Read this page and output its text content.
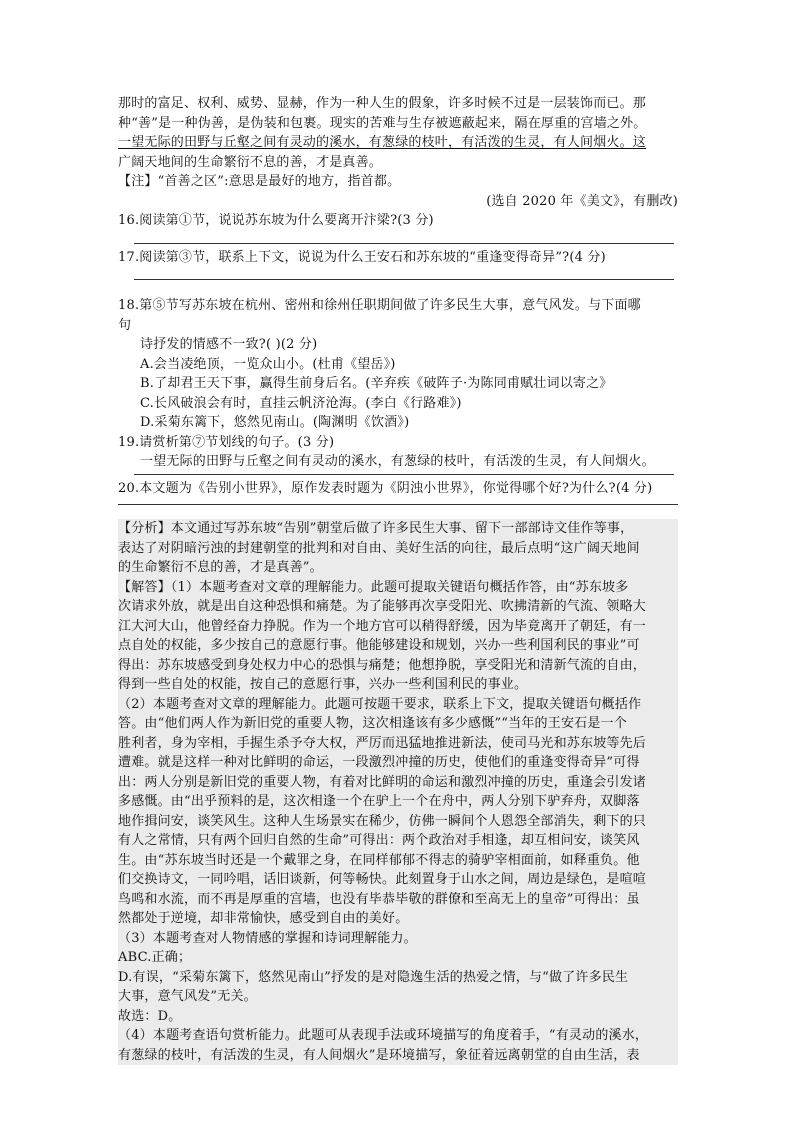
那时的富足、权利、威势、显赫，作为一种人生的假象，许多时候不过是一层装饰而已。那

种“善”是一种伪善，是伪装和包裹。现实的苦难与生存被遮蔽起来，隔在厚重的宫墙之外。

一望无际的田野与丘壑之间有灵动的溪水，有葱绿的枝叶，有活泼的生灵，有人间烟火。这

广阔天地间的生命繁衍不息的善，才是真善。

【注】“首善之区”:意思是最好的地方，指首都。

(选自 2020 年《美文》，有删改)

16.阅读第①节，说说苏东坡为什么要离开汴梁?(3 分)

17.阅读第③节，联系上下文，说说为什么王安石和苏东坡的“重逢变得奇异”?(4 分)

18.第⑤节写苏东坡在杭州、密州和徐州任职期间做了许多民生大事，意气风发。与下面哪

句

诗抒发的情感不一致?( )(2 分)

A.会当凌绝顶，一览众山小。(杜甫《望岳》)

B.了却君王天下事，赢得生前身后名。(辛弃疾《破阵子·为陈同甫赋壮词以寄之》

C.长风破浪会有时，直挂云帆济沧海。(李白《行路难》)

D.采菊东篱下，悠然见南山。(陶渊明《饮酒》)

19.请赏析第⑦节划线的句子。(3 分)

一望无际的田野与丘壑之间有灵动的溪水，有葱绿的枝叶，有活泼的生灵，有人间烟火。

20.本文题为《告别小世界》，原作发表时题为《阴浊小世界》，你觉得哪个好?为什么?(4 分)

【分析】本文通过写苏东坡“告别”朝堂后做了许多民生大事、留下一部部诗文佳作等事，

表达了对阴暗污浊的封建朝堂的批判和对自由、美好生活的向往，最后点明“这广阔天地间

的生命繁衍不息的善，才是真善”。

【解答】（1）本题考查对文章的理解能力。此题可提取关键语句概括作答，由“苏东坡多

次请求外放，就是出自这种恐惧和痛楚。为了能够再次享受阳光、吹拂清新的气流、领略大

江大河大山，他曾经奋力挣脱。作为一个地方官可以稍得舒缓，因为毕竟离开了朝廷，有一

点自处的权能，多少按自己的意愿行事。他能够建设和规划，兴办一些利国利民的事业”可

得出：苏东坡感受到身处权力中心的恐惧与痛楚；他想挣脱，享受阳光和清新气流的自由，

得到一些自处的权能，按自己的意愿行事，兴办一些利国利民的事业。

（2）本题考查对文章的理解能力。此题可按题干要求，联系上下文，提取关键语句概括作

答。由“他们两人作为新旧党的重要人物，这次相逢该有多少感慨”“当年的王安石是一个

胜利者，身为宰相，手握生杀予夺大权，严厉而迅猛地推进新法，使司马光和苏东坡等先后

遭难。就是这样一种对比鲜明的命运，一段激烈冲撞的历史，使他们的重逢变得奇异”可得

出：两人分别是新旧党的重要人物，有着对比鲜明的命运和激烈冲撞的历史，重逢会引发诸

多感慨。由“出乎预料的是，这次相逢一个在驴上一个在舟中，两人分别下驴弃舟，双脚落

地作揖问安，谈笑风生。这种人生场景实在稀少，仿佛一瞬间个人恩怨全部消失，剩下的只

有人之常情，只有两个回归自然的生命”可得出：两个政治对手相逢，却互相问安，谈笑风

生。由“苏东坡当时还是一个戴罪之身，在同样郁郁不得志的骑驴宰相面前，如释重负。他

们交换诗文，一同吟唱，话旧谈新，何等畅快。此刻置身于山水之间，周边是绿色，是喧喧

鸟鸣和水流，而不再是厚重的宫墙，也没有毕恭毕敬的群僚和至高无上的皇帝”可得出：虽

然都处于逆境，却非常愉快，感受到自由的美好。

（3）本题考查对人物情感的掌握和诗词理解能力。

ABC.正确；

D.有误，“采菊东篱下，悠然见南山”抒发的是对隐逸生活的热爱之情，与“做了许多民生

大事，意气风发”无关。

故选：D。

（4）本题考查语句赏析能力。此题可从表现手法或环境描写的角度着手，“有灵动的溪水，

有葱绿的枝叶，有活泼的生灵，有人间烟火”是环境描写，象征着远离朝堂的自由生活，表
